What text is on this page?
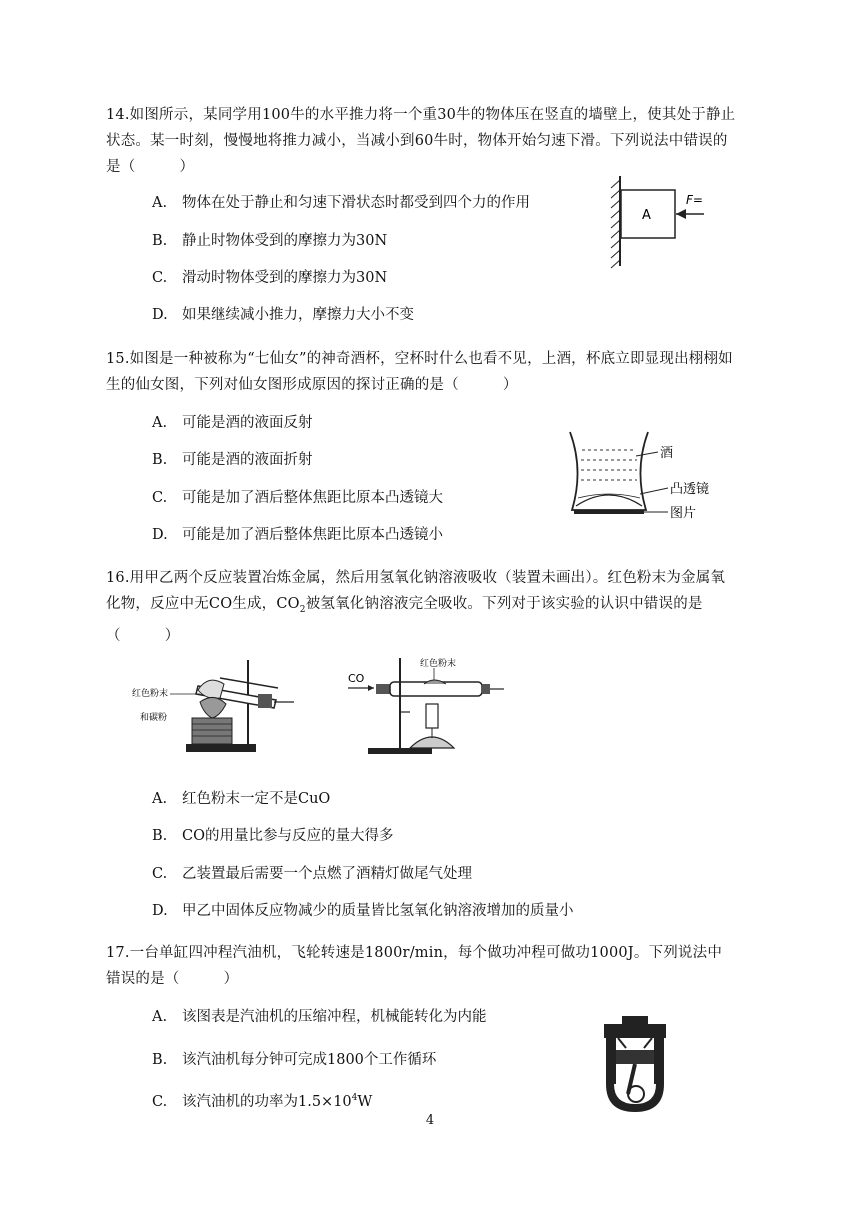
14.如图所示，某同学用100牛的水平推力将一个重30牛的物体压在竖直的墙壁上，使其处于静止状态。某一时刻，慢慢地将推力减小，当减小到60牛时，物体开始匀速下滑。下列说法中错误的是（　　　）
A. 物体在处于静止和匀速下滑状态时都受到四个力的作用
B. 静止时物体受到的摩擦力为30N
C. 滑动时物体受到的摩擦力为30N
D. 如果继续减小推力，摩擦力大小不变
A
F=
15.如图是一种被称为“七仙女”的神奇酒杯，空杯时什么也看不见，上酒，杯底立即显现出栩栩如生的仙女图，下列对仙女图形成原因的探讨正确的是（　　　）
A. 可能是酒的液面反射
B. 可能是酒的液面折射
C. 可能是加了酒后整体焦距比原本凸透镜大
D. 可能是加了酒后整体焦距比原本凸透镜小
酒
凸透镜
图片
16.用甲乙两个反应装置冶炼金属，然后用氢氧化钠溶液吸收（装置未画出）。红色粉末为金属氧化物，反应中无CO生成，$CO_2$被氢氧化钠溶液完全吸收。下列对于该实验的认识中错误的是（　　　）
红色粉末
和碳粉
CO
红色粉末
A. 红色粉末一定不是CuO
B. CO的用量比参与反应的量大得多
C. 乙装置最后需要一个点燃了酒精灯做尾气处理
D. 甲乙中固体反应物减少的质量皆比氢氧化钠溶液增加的质量小
17.一台单缸四冲程汽油机，飞轮转速是1800r/min，每个做功冲程可做功1000J。下列说法中错误的是（　　　）
A. 该图表是汽油机的压缩冲程，机械能转化为内能
B. 该汽油机每分钟可完成1800个工作循环
C. 该汽油机的功率为$1.5\times 10^4W$
4
